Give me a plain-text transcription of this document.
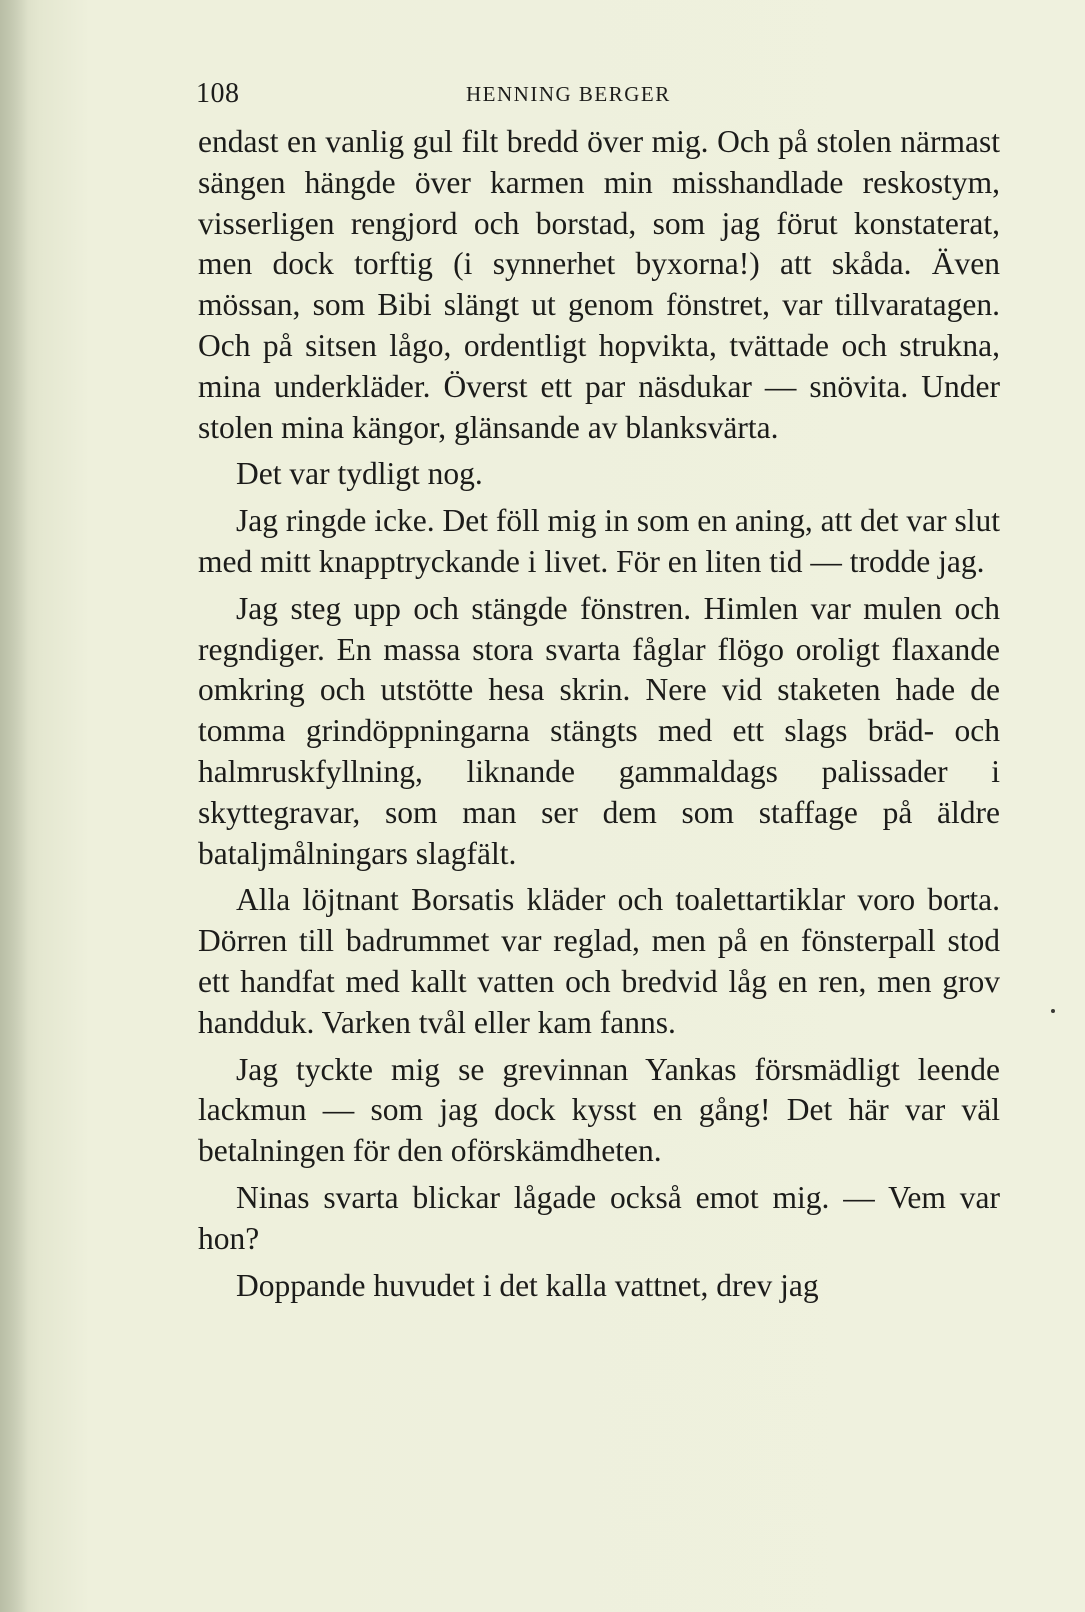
108	HENNING BERGER

endast en vanlig gul filt bredd över mig. Och på stolen närmast sängen hängde över karmen min misshandlade reskostym, visserligen rengjord och borstad, som jag förut konstaterat, men dock torftig (i synnerhet byxorna!) att skåda. Även mössan, som Bibi slängt ut genom fönstret, var tillvaratagen. Och på sitsen lågo, ordentligt hopvikta, tvättade och strukna, mina underkläder. Överst ett par näsdukar — snövita. Under stolen mina kängor, glänsande av blanksvärta.

Det var tydligt nog.

Jag ringde icke. Det föll mig in som en aning, att det var slut med mitt knapptryckande i livet. För en liten tid — trodde jag.

Jag steg upp och stängde fönstren. Himlen var mulen och regndiger. En massa stora svarta fåglar flögo oroligt flaxande omkring och utstötte hesa skrin. Nere vid staketen hade de tomma grindöppningarna stängts med ett slags bräd- och halmruskfyllning, liknande gammaldags palissader i skyttegravar, som man ser dem som staffage på äldre bataljmålningars slagfält.

Alla löjtnant Borsatis kläder och toalettartiklar voro borta. Dörren till badrummet var reglad, men på en fönsterpall stod ett handfat med kallt vatten och bredvid låg en ren, men grov handduk. Varken tvål eller kam fanns.

Jag tyckte mig se grevinnan Yankas försmädligt leende lackmun — som jag dock kysst en gång! Det här var väl betalningen för den oförskämdheten.

Ninas svarta blickar lågade också emot mig. — Vem var hon?

Doppande huvudet i det kalla vattnet, drev jag
